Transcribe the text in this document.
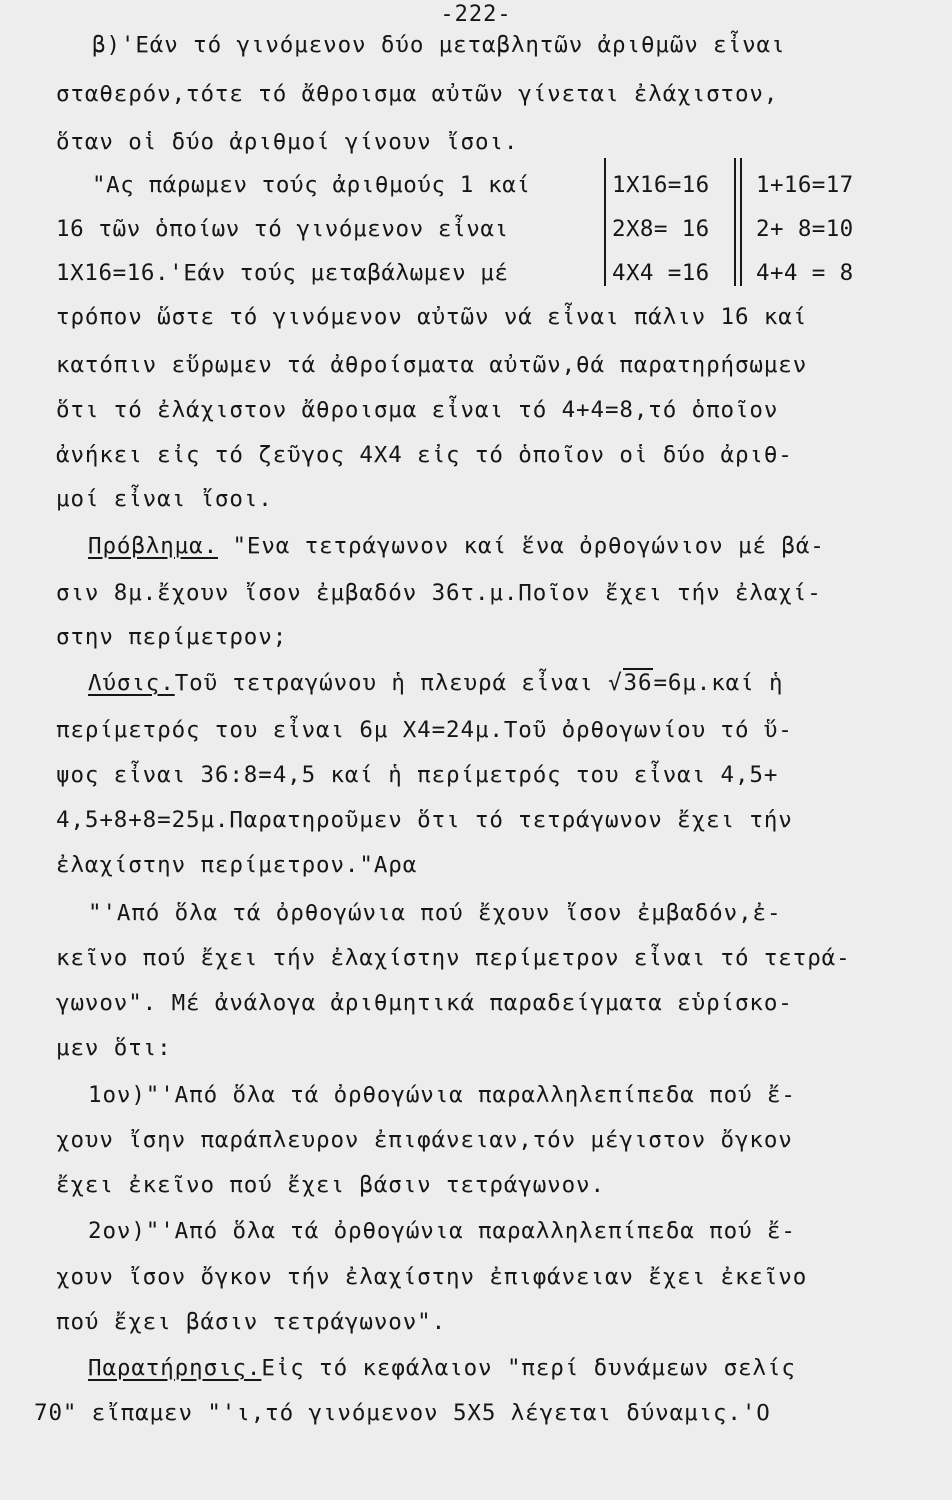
-222-
β)'Εάν τό γινόμενον δύο μεταβλητῶν ἀριθμῶν εἶναι
σταθερόν,τότε τό ἄθροισμα αὐτῶν γίνεται ἐλάχιστον,
ὅταν οἱ δύο ἀριθμοί γίνουν ἴσοι.
"Ας πάρωμεν τούς ἀριθμούς 1 καί
16 τῶν ὁποίων τό γινόμενον εἶναι
1Χ16=16.'Εάν τούς μεταβάλωμεν μέ
1Χ16=16
2Χ8= 16
4Χ4 =16
1+16=17
2+ 8=10
4+4 = 8
τρόπον ὥστε τό γινόμενον αὐτῶν νά εἶναι πάλιν 16 καί
κατόπιν εὕρωμεν τά ἀθροίσματα αὐτῶν,θά παρατηρήσωμεν
ὅτι τό ἐλάχιστον ἄθροισμα εἶναι τό 4+4=8,τό ὁποῖον
ἀνήκει εἰς τό ζεῦγος 4Χ4 εἰς τό ὁποῖον οἱ δύο ἀριθ-
μοί εἶναι ἴσοι.
Πρόβλημα. "Ενα τετράγωνον καί ἕνα ὀρθογώνιον μέ βά-
σιν 8μ.ἔχουν ἴσον ἐμβαδόν 36τ.μ.Ποῖον ἔχει τήν ἐλαχί-
στην περίμετρον;
Λύσις.Τοῦ τετραγώνου ἡ πλευρά εἶναι √36=6μ.καί ἡ
περίμετρός του εἶναι 6μ Χ4=24μ.Τοῦ ὀρθογωνίου τό ὕ-
ψος εἶναι 36:8=4,5 καί ἡ περίμετρός του εἶναι 4,5+
4,5+8+8=25μ.Παρατηροῦμεν ὅτι τό τετράγωνον ἔχει τήν
ἐλαχίστην περίμετρον."Αρα
"'Από ὅλα τά ὀρθογώνια πού ἔχουν ἴσον ἐμβαδόν,ἐ-
κεῖνο πού ἔχει τήν ἐλαχίστην περίμετρον εἶναι τό τετρά-
γωνον". Μέ ἀνάλογα ἀριθμητικά παραδείγματα εὑρίσκο-
μεν ὅτι:
1ον)"'Από ὅλα τά ὀρθογώνια παραλληλεπίπεδα πού ἔ-
χουν ἴσην παράπλευρον ἐπιφάνειαν,τόν μέγιστον ὄγκον
ἔχει ἐκεῖνο πού ἔχει βάσιν τετράγωνον.
2ον)"'Από ὅλα τά ὀρθογώνια παραλληλεπίπεδα πού ἔ-
χουν ἴσον ὄγκον τήν ἐλαχίστην ἐπιφάνειαν ἔχει ἐκεῖνο
πού ἔχει βάσιν τετράγωνον".
Παρατήρησις.Εἰς τό κεφάλαιον "περί δυνάμεων σελίς
70" εἴπαμεν "'ι,τό γινόμενον 5Χ5 λέγεται δύναμις.'Ο
